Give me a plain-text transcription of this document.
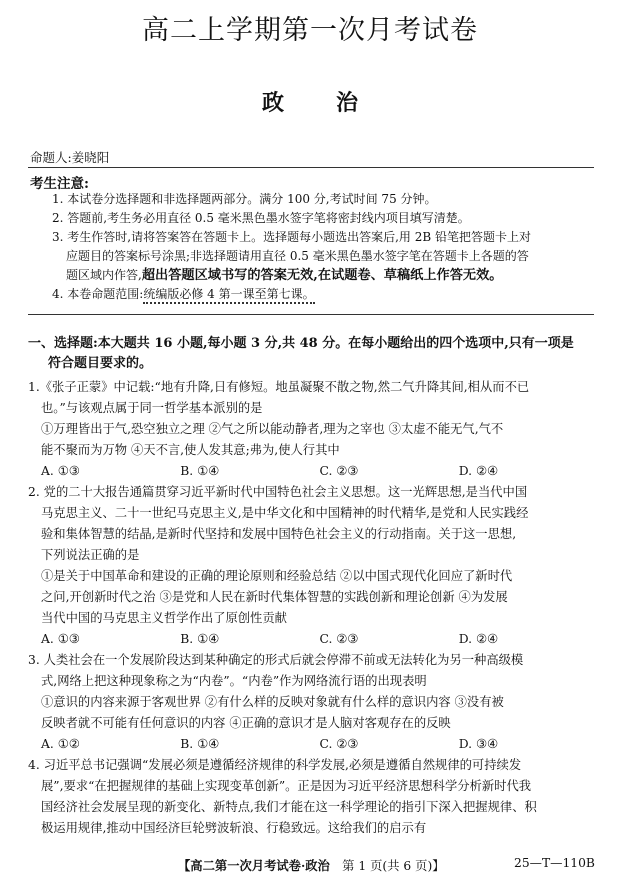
高二上学期第一次月考试卷
政 治
命题人:姜晓阳
考生注意:
1. 本试卷分选择题和非选择题两部分。满分 100 分,考试时间 75 分钟。
2. 答题前,考生务必用直径 0.5 毫米黑色墨水签字笔将密封线内项目填写清楚。
3. 考生作答时,请将答案答在答题卡上。选择题每小题选出答案后,用 2B 铅笔把答题卡上对
应题目的答案标号涂黑;非选择题请用直径 0.5 毫米黑色墨水签字笔在答题卡上各题的答
题区域内作答,超出答题区域书写的答案无效,在试题卷、草稿纸上作答无效。
4. 本卷命题范围:统编版必修 4 第一课至第七课。
一、选择题:本大题共 16 小题,每小题 3 分,共 48 分。在每小题给出的四个选项中,只有一项是
符合题目要求的。
1.《张子正蒙》中记载:“地有升降,日有修短。地虽凝聚不散之物,然二气升降其间,相从而不已
也。”与该观点属于同一哲学基本派别的是
①万理皆出于气,恐空独立之理 ②气之所以能动静者,理为之宰也 ③太虚不能无气,气不
能不聚而为万物 ④天不言,使人发其意;弗为,使人行其中
A. ①③	B. ①④	C. ②③	D. ②④
2. 党的二十大报告通篇贯穿习近平新时代中国特色社会主义思想。这一光辉思想,是当代中国
马克思主义、二十一世纪马克思主义,是中华文化和中国精神的时代精华,是党和人民实践经
验和集体智慧的结晶,是新时代坚持和发展中国特色社会主义的行动指南。关于这一思想,
下列说法正确的是
①是关于中国革命和建设的正确的理论原则和经验总结 ②以中国式现代化回应了新时代
之问,开创新时代之治 ③是党和人民在新时代集体智慧的实践创新和理论创新 ④为发展
当代中国的马克思主义哲学作出了原创性贡献
A. ①③	B. ①④	C. ②③	D. ②④
3. 人类社会在一个发展阶段达到某种确定的形式后就会停滞不前或无法转化为另一种高级模
式,网络上把这种现象称之为“内卷”。“内卷”作为网络流行语的出现表明
①意识的内容来源于客观世界 ②有什么样的反映对象就有什么样的意识内容 ③没有被
反映者就不可能有任何意识的内容 ④正确的意识才是人脑对客观存在的反映
A. ①②	B. ①④	C. ②③	D. ③④
4. 习近平总书记强调“发展必须是遵循经济规律的科学发展,必须是遵循自然规律的可持续发
展”,要求“在把握规律的基础上实现变革创新”。正是因为习近平经济思想科学分析新时代我
国经济社会发展呈现的新变化、新特点,我们才能在这一科学理论的指引下深入把握规律、积
极运用规律,推动中国经济巨轮劈波斩浪、行稳致远。这给我们的启示有
【高二第一次月考试卷·政治　 第 1 页(共 6 页)】	25—T—110B
